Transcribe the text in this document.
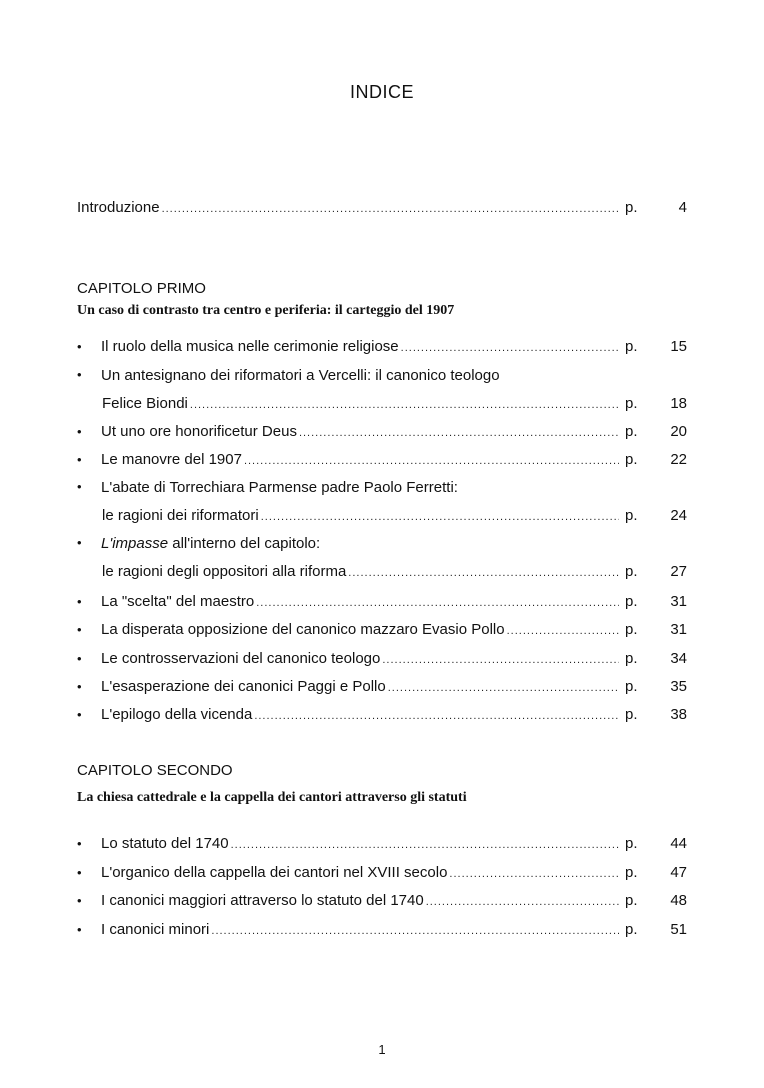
INDICE
Introduzione .....	p.	4
CAPITOLO PRIMO
Un caso di contrasto tra centro e periferia: il carteggio del 1907
•	Il ruolo della musica nelle cerimonie religiose .....	p.	15
• Un antesignano dei riformatori a Vercelli: il canonico teologo
Felice Biondi .....	p.	18
•	Ut uno ore honorificetur Deus .....	p.	20
•	Le manovre del 1907 .....	p.	22
• L'abate di Torrechiara Parmense padre Paolo Ferretti:
le ragioni dei riformatori .....	p.	24
• L'impasse all'interno del capitolo:
le ragioni degli oppositori alla riforma .....	p.	27
•	La "scelta" del maestro .....	p.	31
•	La disperata opposizione del canonico mazzaro Evasio Pollo .....	p.	31
•	Le controsservazioni del canonico teologo .....	p.	34
•	L'esasperazione dei canonici Paggi e Pollo .....	p.	35
•	L'epilogo della vicenda .....	p.	38
CAPITOLO SECONDO
La chiesa cattedrale e la cappella dei cantori attraverso gli statuti
•	Lo statuto del 1740 .....	p.	44
•	L'organico della cappella dei cantori nel XVIII secolo .....	p.	47
•	I canonici maggiori attraverso lo statuto del 1740 .....	p.	48
•	I canonici minori .....	p.	51
1
